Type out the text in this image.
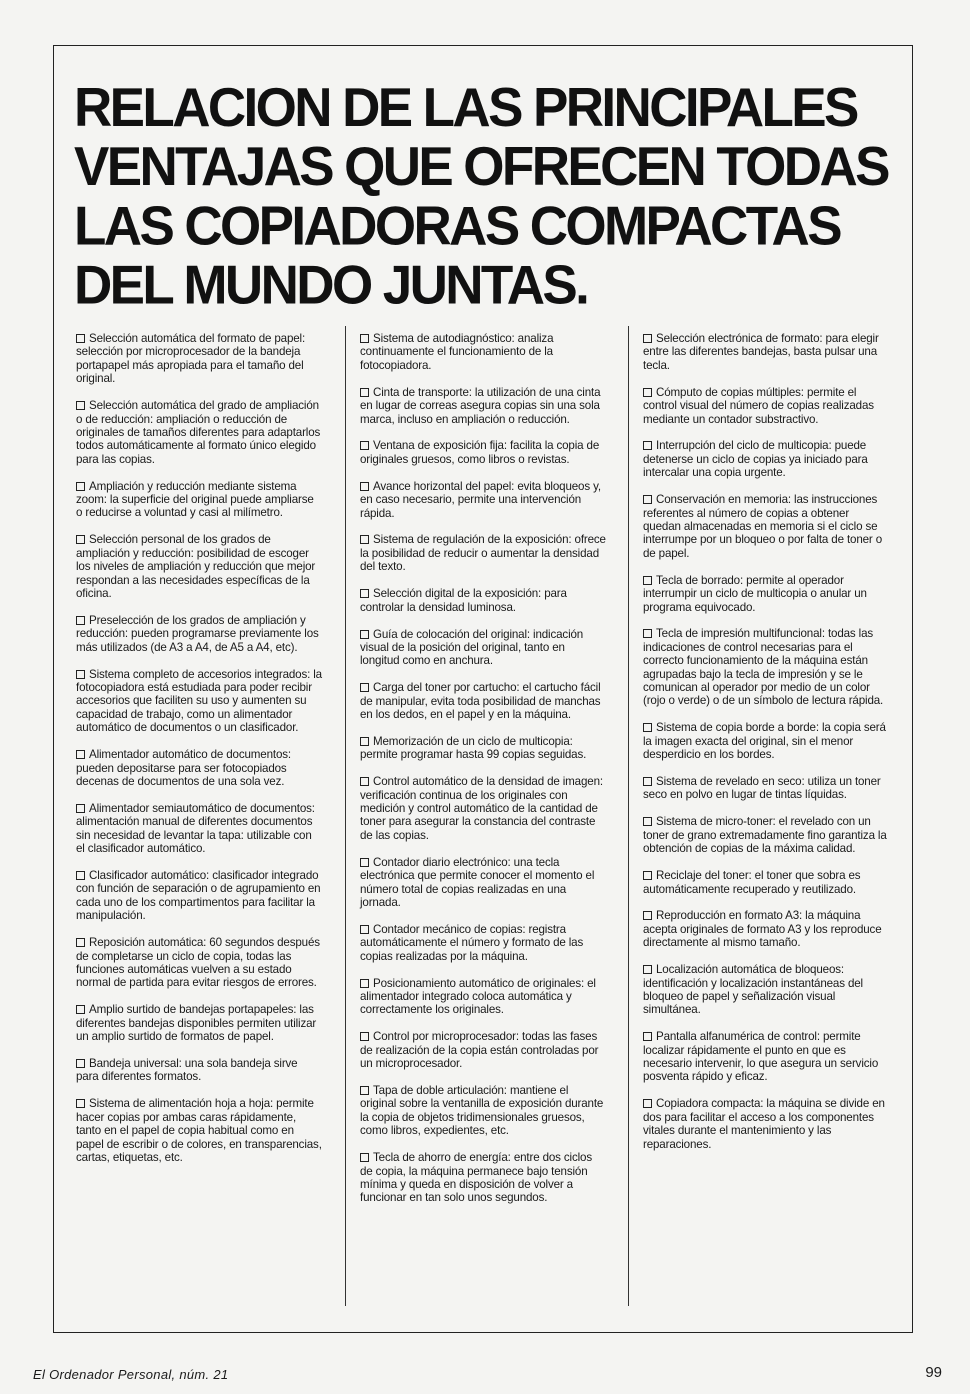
RELACION DE LAS PRINCIPALES
VENTAJAS QUE OFRECEN TODAS
LAS COPIADORAS COMPACTAS
DEL MUNDO JUNTAS.

Selección automática del formato de papel: selección por microprocesador de la bandeja portapapel más apropiada para el tamaño del original.

Selección automática del grado de ampliación o de reducción: ampliación o reducción de originales de tamaños diferentes para adaptarlos todos automáticamente al formato único elegido para las copias.

Ampliación y reducción mediante sistema zoom: la superficie del original puede ampliarse o reducirse a voluntad y casi al milímetro.

Selección personal de los grados de ampliación y reducción: posibilidad de escoger los niveles de ampliación y reducción que mejor respondan a las necesidades específicas de la oficina.

Preselección de los grados de ampliación y reducción: pueden programarse previamente los más utilizados (de A3 a A4, de A5 a A4, etc).

Sistema completo de accesorios integrados: la fotocopiadora está estudiada para poder recibir accesorios que faciliten su uso y aumenten su capacidad de trabajo, como un alimentador automático de documentos o un clasificador.

Alimentador automático de documentos: pueden depositarse para ser fotocopiados decenas de documentos de una sola vez.

Alimentador semiautomático de documentos: alimentación manual de diferentes documentos sin necesidad de levantar la tapa: utilizable con el clasificador automático.

Clasificador automático: clasificador integrado con función de separación o de agrupamiento en cada uno de los compartimentos para facilitar la manipulación.

Reposición automática: 60 segundos después de completarse un ciclo de copia, todas las funciones automáticas vuelven a su estado normal de partida para evitar riesgos de errores.

Amplio surtido de bandejas portapapeles: las diferentes bandejas disponibles permiten utilizar un amplio surtido de formatos de papel.

Bandeja universal: una sola bandeja sirve para diferentes formatos.

Sistema de alimentación hoja a hoja: permite hacer copias por ambas caras rápidamente, tanto en el papel de copia habitual como en papel de escribir o de colores, en transparencias, cartas, etiquetas, etc.

Sistema de autodiagnóstico: analiza continuamente el funcionamiento de la fotocopiadora.

Cinta de transporte: la utilización de una cinta en lugar de correas asegura copias sin una sola marca, incluso en ampliación o reducción.

Ventana de exposición fija: facilita la copia de originales gruesos, como libros o revistas.

Avance horizontal del papel: evita bloqueos y, en caso necesario, permite una intervención rápida.

Sistema de regulación de la exposición: ofrece la posibilidad de reducir o aumentar la densidad del texto.

Selección digital de la exposición: para controlar la densidad luminosa.

Guía de colocación del original: indicación visual de la posición del original, tanto en longitud como en anchura.

Carga del toner por cartucho: el cartucho fácil de manipular, evita toda posibilidad de manchas en los dedos, en el papel y en la máquina.

Memorización de un ciclo de multicopia: permite programar hasta 99 copias seguidas.

Control automático de la densidad de imagen: verificación continua de los originales con medición y control automático de la cantidad de toner para asegurar la constancia del contraste de las copias.

Contador diario electrónico: una tecla electrónica que permite conocer el momento el número total de copias realizadas en una jornada.

Contador mecánico de copias: registra automáticamente el número y formato de las copias realizadas por la máquina.

Posicionamiento automático de originales: el alimentador integrado coloca automática y correctamente los originales.

Control por microprocesador: todas las fases de realización de la copia están controladas por un microprocesador.

Tapa de doble articulación: mantiene el original sobre la ventanilla de exposición durante la copia de objetos tridimensionales gruesos, como libros, expedientes, etc.

Tecla de ahorro de energía: entre dos ciclos de copia, la máquina permanece bajo tensión mínima y queda en disposición de volver a funcionar en tan solo unos segundos.

Selección electrónica de formato: para elegir entre las diferentes bandejas, basta pulsar una tecla.

Cómputo de copias múltiples: permite el control visual del número de copias realizadas mediante un contador substractivo.

Interrupción del ciclo de multicopia: puede detenerse un ciclo de copias ya iniciado para intercalar una copia urgente.

Conservación en memoria: las instrucciones referentes al número de copias a obtener quedan almacenadas en memoria si el ciclo se interrumpe por un bloqueo o por falta de toner o de papel.

Tecla de borrado: permite al operador interrumpir un ciclo de multicopia o anular un programa equivocado.

Tecla de impresión multifuncional: todas las indicaciones de control necesarias para el correcto funcionamiento de la máquina están agrupadas bajo la tecla de impresión y se le comunican al operador por medio de un color (rojo o verde) o de un símbolo de lectura rápida.

Sistema de copia borde a borde: la copia será la imagen exacta del original, sin el menor desperdicio en los bordes.

Sistema de revelado en seco: utiliza un toner seco en polvo en lugar de tintas líquidas.

Sistema de micro-toner: el revelado con un toner de grano extremadamente fino garantiza la obtención de copias de la máxima calidad.

Reciclaje del toner: el toner que sobra es automáticamente recuperado y reutilizado.

Reproducción en formato A3: la máquina acepta originales de formato A3 y los reproduce directamente al mismo tamaño.

Localización automática de bloqueos: identificación y localización instantáneas del bloqueo de papel y señalización visual simultánea.

Pantalla alfanumérica de control: permite localizar rápidamente el punto en que es necesario intervenir, lo que asegura un servicio posventa rápido y eficaz.

Copiadora compacta: la máquina se divide en dos para facilitar el acceso a los componentes vitales durante el mantenimiento y las reparaciones.

El Ordenador Personal, núm. 21	99
